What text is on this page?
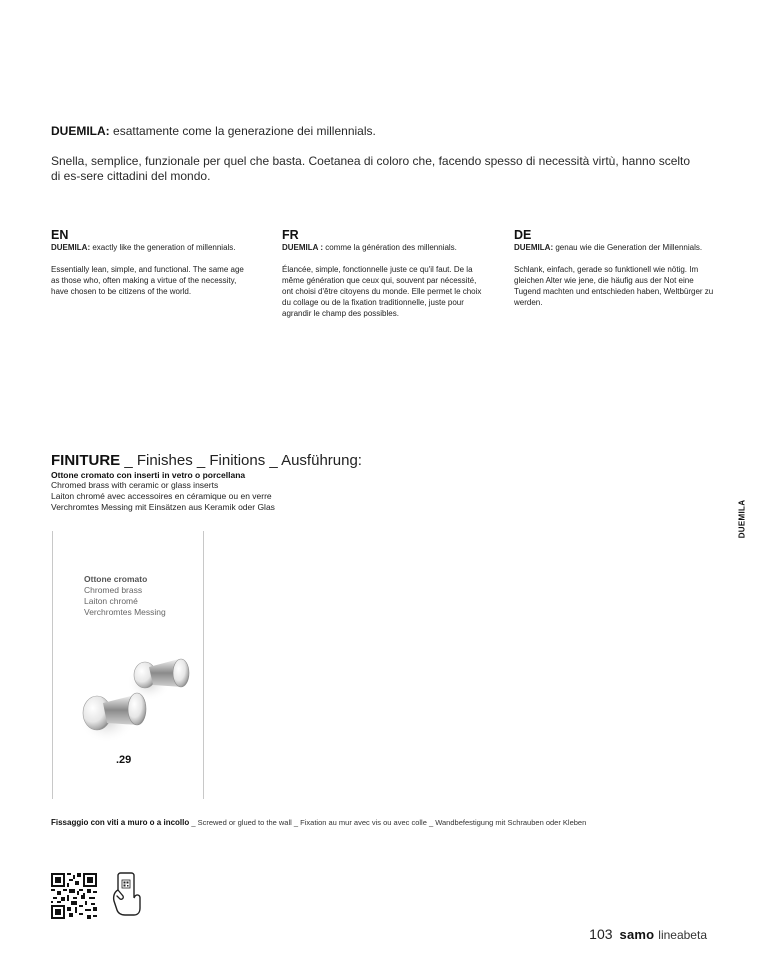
DUEMILA: esattamente come la generazione dei millennials.
Snella, semplice, funzionale per quel che basta. Coetanea di coloro che, facendo spesso di necessità virtù, hanno scelto di es-sere cittadini del mondo.
EN
DUEMILA: exactly like the generation of millennials.
Essentially lean, simple, and functional. The same age as those who, often making a virtue of the necessity, have chosen to be citizens of the world.
FR
DUEMILA : comme la génération des millennials.
Élancée, simple, fonctionnelle juste ce qu'il faut. De la même génération que ceux qui, souvent par nécessité, ont choisi d'être citoyens du monde. Elle permet le choix du collage ou de la fixation traditionnelle, juste pour agrandir le champ des possibles.
DE
DUEMILA: genau wie die Generation der Millennials.
Schlank, einfach, gerade so funktionell wie nötig. Im gleichen Alter wie jene, die häufig aus der Not eine Tugend machten und entschieden haben, Weltbürger zu werden.
DUEMILA
FINITURE _ Finishes _ Finitions _ Ausführung:
Ottone cromato con inserti in vetro o porcellana
Chromed brass with ceramic or glass inserts
Laiton chromé avec accessoires en céramique ou en verre
Verchromtes Messing mit Einsätzen aus Keramik oder Glas
Ottone cromato
Chromed brass
Laiton chromé
Verchromtes Messing
.29
Fissaggio con viti a muro o a incollo _ Screwed or glued to the wall _ Fixation au mur avec vis ou avec colle _ Wandbefestigung mit Schrauben oder Kleben
103 samo lineabeta
